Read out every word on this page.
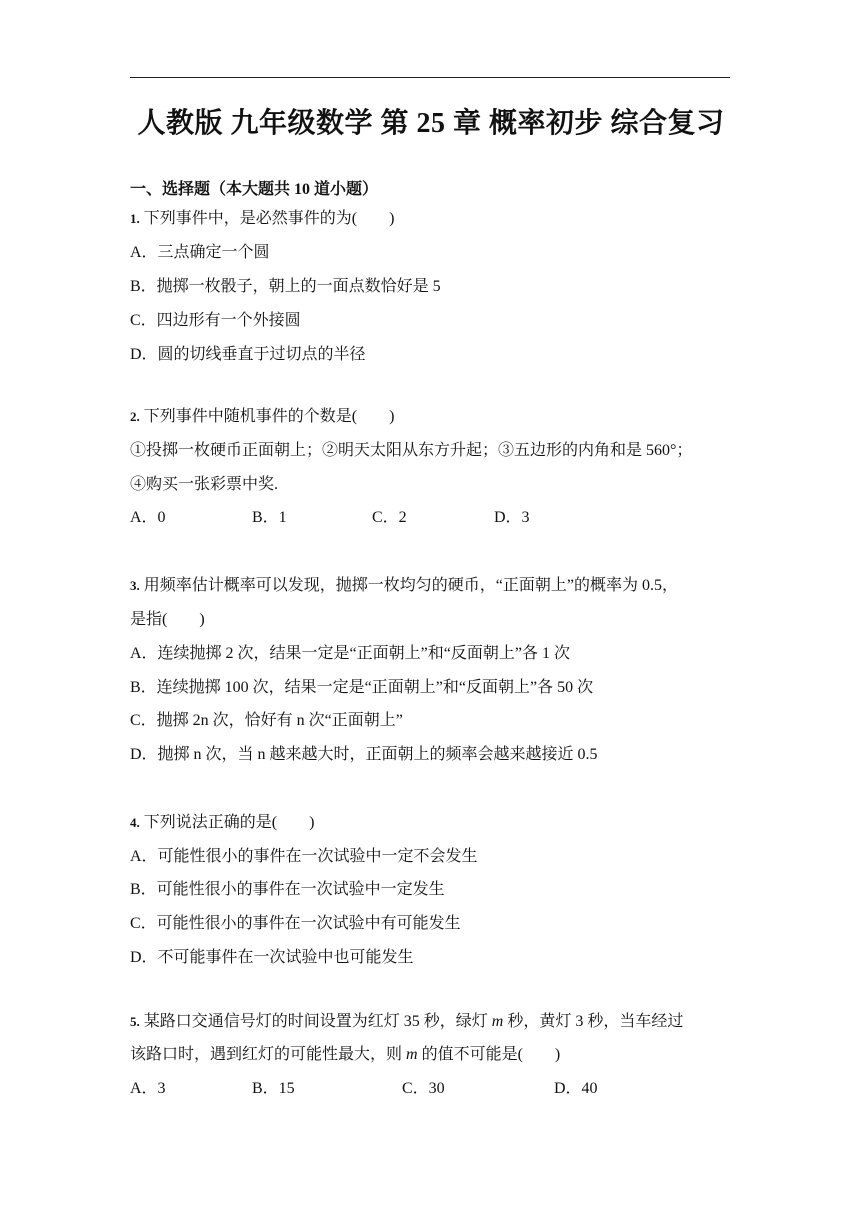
人教版 九年级数学 第 25 章 概率初步 综合复习
一、选择题（本大题共 10 道小题）
1. 下列事件中，是必然事件的为(　　)
A．三点确定一个圆
B．抛掷一枚骰子，朝上的一面点数恰好是 5
C．四边形有一个外接圆
D．圆的切线垂直于过切点的半径
2. 下列事件中随机事件的个数是(　　)
①投掷一枚硬币正面朝上；②明天太阳从东方升起；③五边形的内角和是 560°；
④购买一张彩票中奖.
A．0	B．1	C．2	D．3
3. 用频率估计概率可以发现，抛掷一枚均匀的硬币，“正面朝上”的概率为 0.5，
是指(　　)
A．连续抛掷 2 次，结果一定是“正面朝上”和“反面朝上”各 1 次
B．连续抛掷 100 次，结果一定是“正面朝上”和“反面朝上”各 50 次
C．抛掷 2n 次，恰好有 n 次“正面朝上”
D．抛掷 n 次，当 n 越来越大时，正面朝上的频率会越来越接近 0.5
4. 下列说法正确的是(　　)
A．可能性很小的事件在一次试验中一定不会发生
B．可能性很小的事件在一次试验中一定发生
C．可能性很小的事件在一次试验中有可能发生
D．不可能事件在一次试验中也可能发生
5. 某路口交通信号灯的时间设置为红灯 35 秒，绿灯 m 秒，黄灯 3 秒，当车经过
该路口时，遇到红灯的可能性最大，则 m 的值不可能是(　　)
A．3	B．15	C．30	D．40
